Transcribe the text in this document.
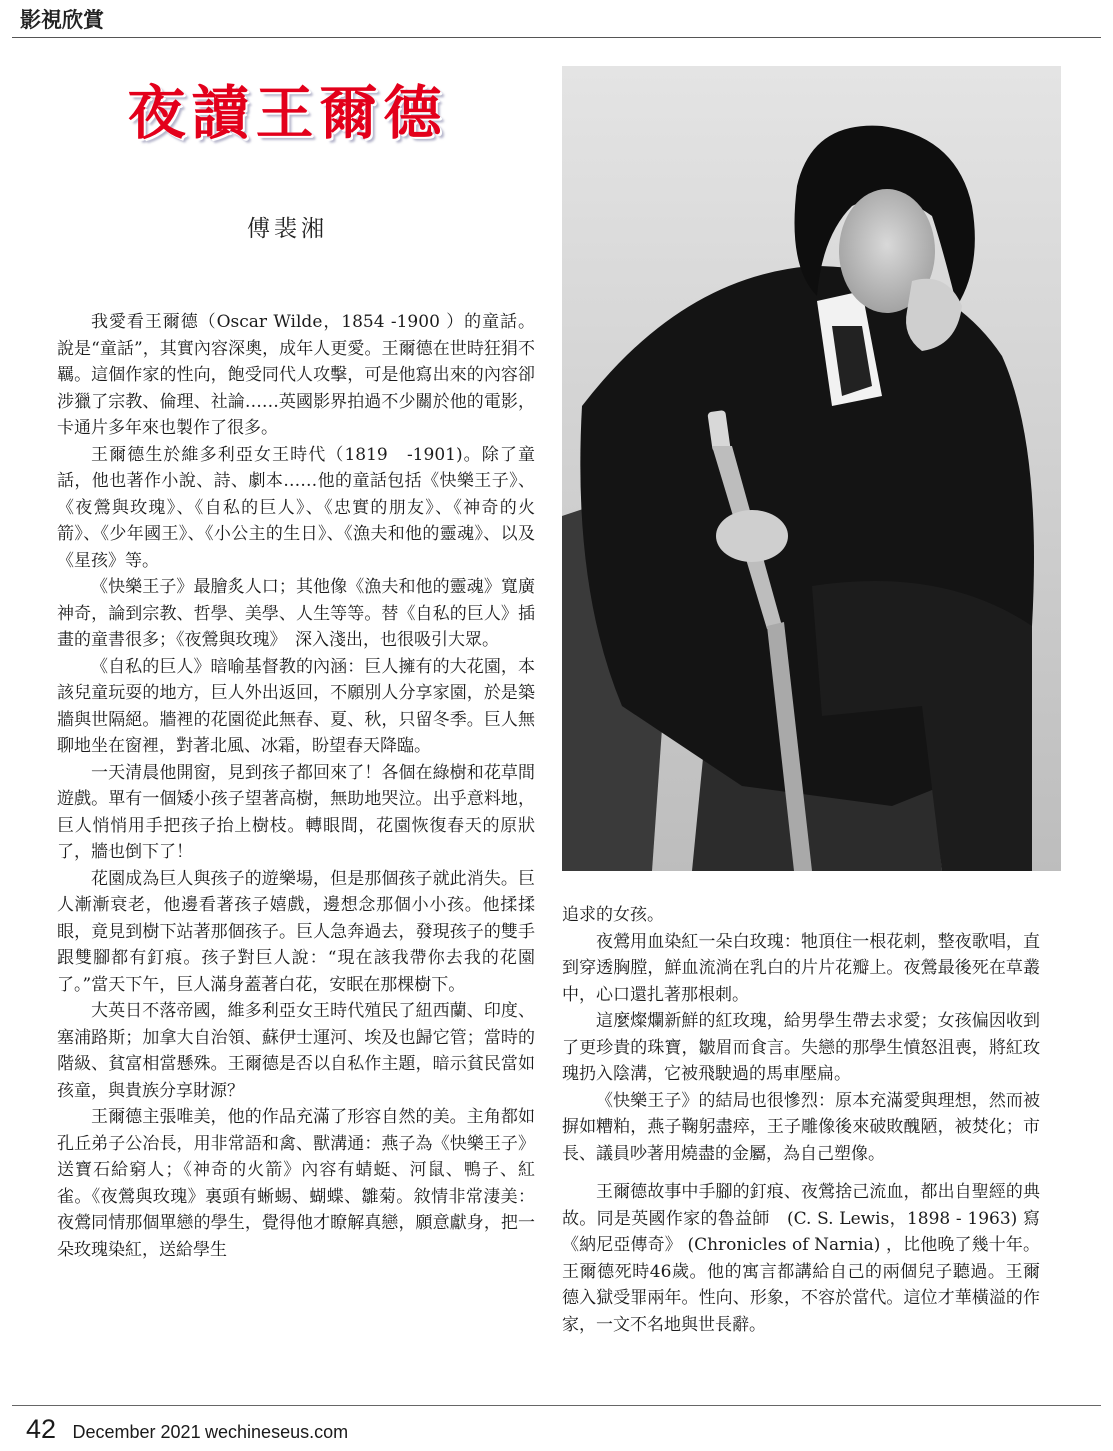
影視欣賞
夜讀王爾德
傅裴湘

我愛看王爾德（Oscar Wilde，1854 -1900 ）的童話。說是“童話”，其實內容深奧，成年人更愛。王爾德在世時狂狷不羈。這個作家的性向，飽受同代人攻擊，可是他寫出來的內容卻涉獵了宗教、倫理、社論……英國影界拍過不少關於他的電影，卡通片多年來也製作了很多。

王爾德生於維多利亞女王時代（1819　-1901)。除了童話，他也著作小說、詩、劇本……他的童話包括《快樂王子》、《夜鶯與玫瑰》、《自私的巨人》、《忠實的朋友》、《神奇的火箭》、《少年國王》、《小公主的生日》、《漁夫和他的靈魂》、以及《星孩》等。

《快樂王子》最膾炙人口；其他像《漁夫和他的靈魂》寬廣神奇，論到宗教、哲學、美學、人生等等。替《自私的巨人》插畫的童書很多；《夜鶯與玫瑰》　深入淺出，也很吸引大眾。

《自私的巨人》暗喻基督教的內涵：巨人擁有的大花園，本該兒童玩耍的地方，巨人外出返回，不願別人分享家園，於是築牆與世隔絕。牆裡的花園從此無春、夏、秋，只留冬季。巨人無聊地坐在窗裡，對著北風、冰霜，盼望春天降臨。

一天清晨他開窗，見到孩子都回來了！各個在綠樹和花草間遊戲。單有一個矮小孩子望著高樹，無助地哭泣。出乎意料地，巨人悄悄用手把孩子抬上樹枝。轉眼間，花園恢復春天的原狀了，牆也倒下了！

花園成為巨人與孩子的遊樂場，但是那個孩子就此消失。巨人漸漸衰老，他邊看著孩子嬉戲，邊想念那個小小孩。他揉揉眼，竟見到樹下站著那個孩子。巨人急奔過去，發現孩子的雙手跟雙腳都有釘痕。孩子對巨人說：“現在該我帶你去我的花園了。”當天下午，巨人滿身蓋著白花，安眠在那棵樹下。

大英日不落帝國，維多利亞女王時代殖民了紐西蘭、印度、塞浦路斯；加拿大自治領、蘇伊士運河、埃及也歸它管；當時的階級、貧富相當懸殊。王爾德是否以自私作主題，暗示貧民當如孩童，與貴族分享財源？

王爾德主張唯美，他的作品充滿了形容自然的美。主角都如孔丘弟子公冶長，用非常語和禽、獸溝通：燕子為《快樂王子》送寶石給窮人；《神奇的火箭》內容有蜻蜓、河鼠、鴨子、紅雀。《夜鶯與玫瑰》裏頭有蜥蜴、蝴蝶、雛菊。敘情非常淒美：夜鶯同情那個單戀的學生，覺得他才瞭解真戀，願意獻身，把一朵玫瑰染紅，送給學生

追求的女孩。

夜鶯用血染紅一朵白玫瑰：牠頂住一根花刺，整夜歌唱，直到穿透胸膛，鮮血流淌在乳白的片片花瓣上。夜鶯最後死在草叢中，心口還扎著那根刺。

這麼燦爛新鮮的紅玫瑰，給男學生帶去求愛；女孩偏因收到了更珍貴的珠寶，皺眉而食言。失戀的那學生憤怒沮喪，將紅玫瑰扔入陰溝，它被飛駛過的馬車壓扁。

《快樂王子》的結局也很慘烈：原本充滿愛與理想，然而被摒如糟粕，燕子鞠躬盡瘁，王子雕像後來破敗醜陋，被焚化；市長、議員吵著用燒盡的金屬，為自己塑像。

王爾德故事中手腳的釘痕、夜鶯捨己流血，都出自聖經的典故。同是英國作家的魯益師　(C. S. Lewis，1898 - 1963) 寫《納尼亞傳奇》 (Chronicles of Narnia) ，比他晚了幾十年。王爾德死時46歲。他的寓言都講給自己的兩個兒子聽過。王爾德入獄受罪兩年。性向、形象，不容於當代。這位才華橫溢的作家，一文不名地與世長辭。

42 December 2021 wechineseus.com
